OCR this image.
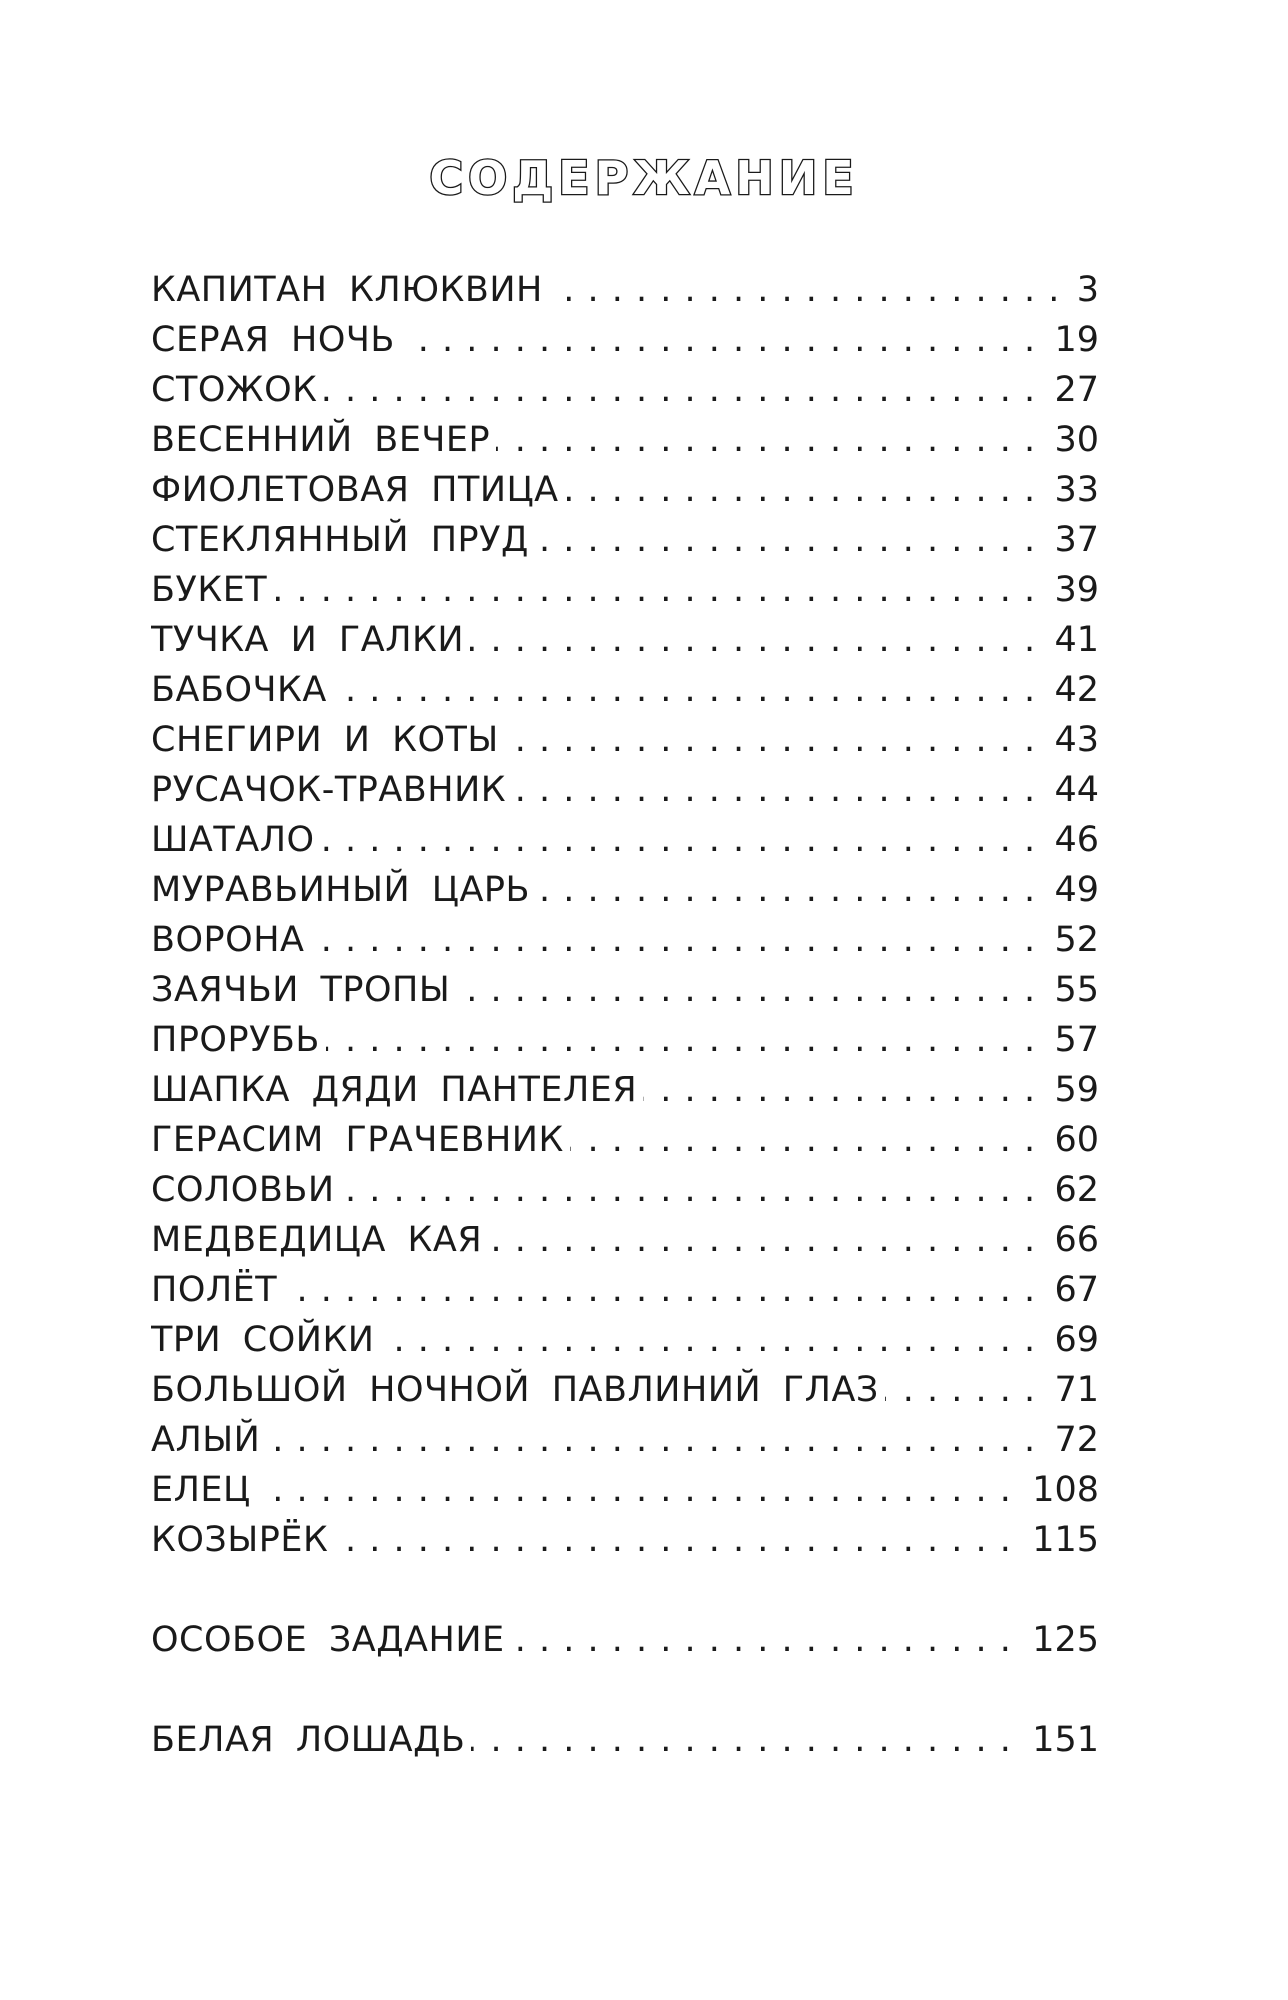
СОДЕРЖАНИЕ
КАПИТАН КЛЮКВИН	3
. . .
СЕРАЯ НОЧЬ	19
. . .
СТОЖОК	27
. . .
ВЕСЕННИЙ ВЕЧЕР	30
. . .
ФИОЛЕТОВАЯ ПТИЦА	33
. . .
СТЕКЛЯННЫЙ ПРУД	37
. . .
БУКЕТ	39
. . .
ТУЧКА И ГАЛКИ	41
. . .
БАБОЧКА	42
. . .
СНЕГИРИ И КОТЫ	43
. . .
РУСАЧОК-ТРАВНИК	44
. . .
ШАТАЛО	46
. . .
МУРАВЬИНЫЙ ЦАРЬ	49
. . .
ВОРОНА	52
. . .
ЗАЯЧЬИ ТРОПЫ	55
. . .
ПРОРУБЬ	57
. . .
ШАПКА ДЯДИ ПАНТЕЛЕЯ	59
. . .
ГЕРАСИМ ГРАЧЕВНИК	60
. . .
СОЛОВЬИ	62
. . .
МЕДВЕДИЦА КАЯ	66
. . .
ПОЛЁТ	67
. . .
ТРИ СОЙКИ	69
. . .
БОЛЬШОЙ НОЧНОЙ ПАВЛИНИЙ ГЛАЗ	71
. . .
АЛЫЙ	72
. . .
ЕЛЕЦ	108
. . .
КОЗЫРЁК	115
. . .
ОСОБОЕ ЗАДАНИЕ	125
. . .
БЕЛАЯ ЛОШАДЬ	151
. . .
